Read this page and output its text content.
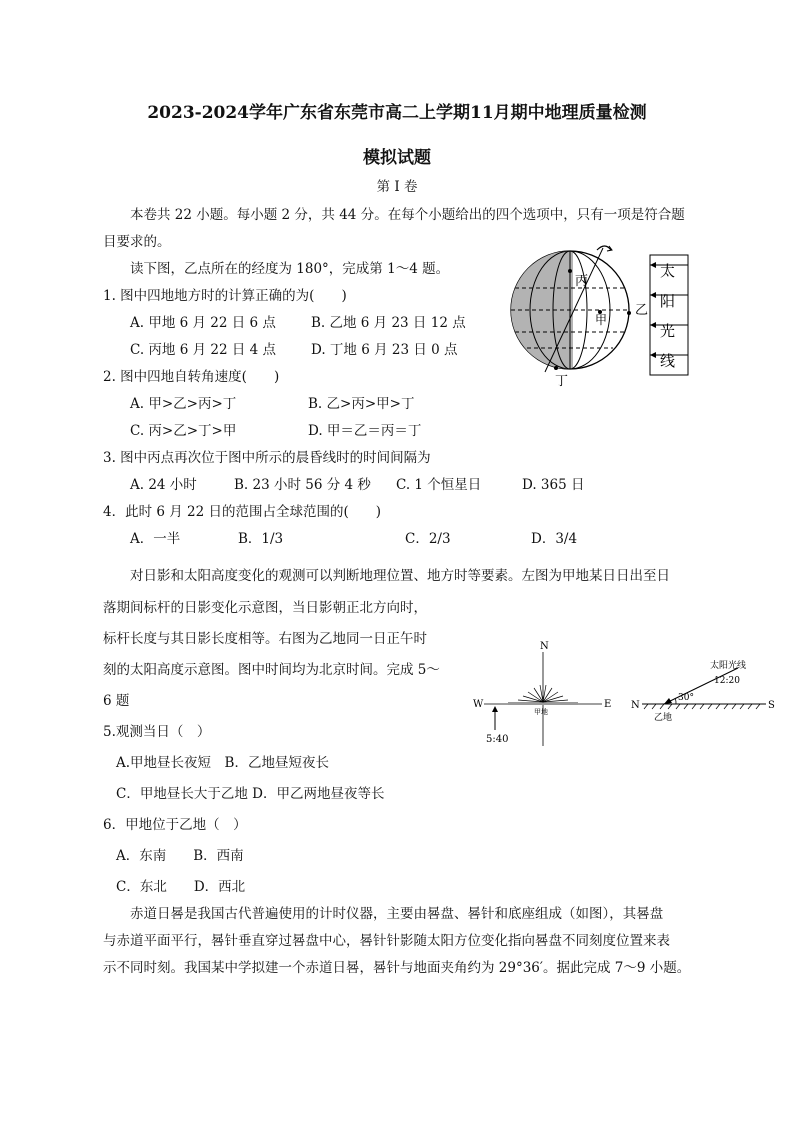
2023-2024学年广东省东莞市高二上学期11月期中地理质量检测
模拟试题
第 I 卷
本卷共 22 小题。每小题 2 分，共 44 分。在每个小题给出的四个选项中，只有一项是符合题
目要求的。
读下图，乙点所在的经度为 180°，完成第 1～4 题。
1. 图中四地地方时的计算正确的为(　　)
A. 甲地 6 月 22 日 6 点	B. 乙地 6 月 23 日 12 点
C. 丙地 6 月 22 日 4 点	D. 丁地 6 月 23 日 0 点
2. 图中四地自转角速度(　　)
A. 甲>乙>丙>丁	B. 乙>丙>甲>丁
C. 丙>乙>丁>甲	D. 甲＝乙＝丙＝丁
3. 图中丙点再次位于图中所示的晨昏线时的时间间隔为
A. 24 小时	B. 23 小时 56 分 4 秒 C. 1 个恒星日	D. 365 日
4．此时 6 月 22 日的范围占全球范围的(　　)
A．一半	B．1/3	C．2/3	D．3/4
丙
甲
乙
丁
太
阳
光
线
对日影和太阳高度变化的观测可以判断地理位置、地方时等要素。左图为甲地某日日出至日
落期间标杆的日影变化示意图，当日影朝正北方向时，
标杆长度与其日影长度相等。右图为乙地同一日正午时
刻的太阳高度示意图。图中时间均为北京时间。完成 5～
6 题
5.观测当日（　）
A.甲地昼长夜短　B．乙地昼短夜长
C．甲地昼长大于乙地 D．甲乙两地昼夜等长
6．甲地位于乙地（　）
A．东南　　B．西南
C．东北　　D．西北
N
W	E
甲地
5:40
N	S
太阳光线
12:20
30°
乙地
赤道日晷是我国古代普遍使用的计时仪器，主要由晷盘、晷针和底座组成（如图），其晷盘
与赤道平面平行，晷针垂直穿过晷盘中心，晷针针影随太阳方位变化指向晷盘不同刻度位置来表
示不同时刻。我国某中学拟建一个赤道日晷，晷针与地面夹角约为 29°36′。据此完成 7～9 小题。
